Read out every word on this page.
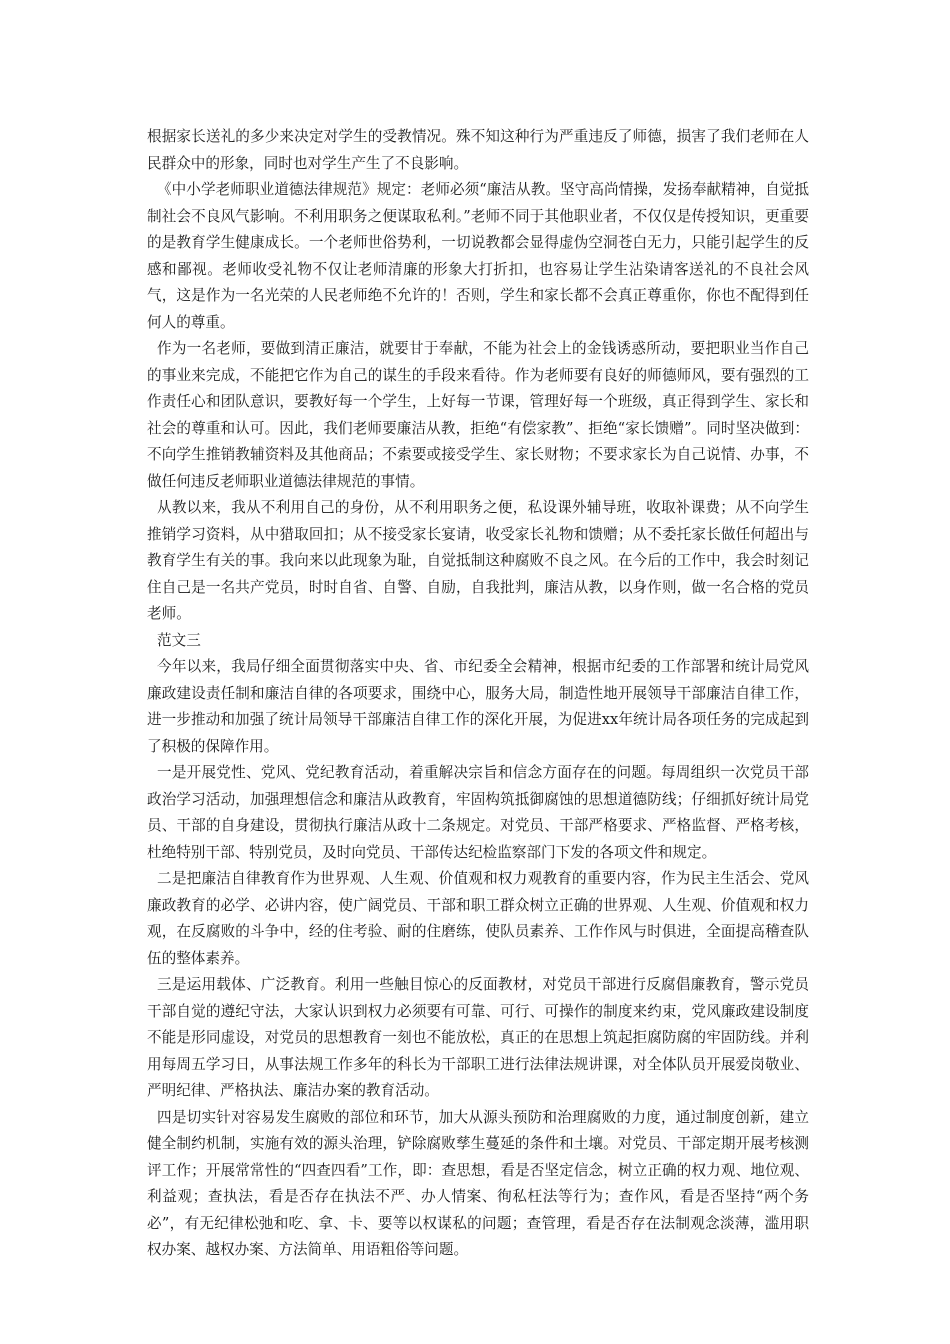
根据家长送礼的多少来决定对学生的受教情况。殊不知这种行为严重违反了师德，损害了我们老师在人民群众中的形象，同时也对学生产生了不良影响。

《中小学老师职业道德法律规范》规定：老师必须“廉洁从教。坚守高尚情操，发扬奉献精神，自觉抵制社会不良风气影响。不利用职务之便谋取私利。”老师不同于其他职业者，不仅仅是传授知识，更重要的是教育学生健康成长。一个老师世俗势利，一切说教都会显得虚伪空洞苍白无力，只能引起学生的反感和鄙视。老师收受礼物不仅让老师清廉的形象大打折扣，也容易让学生沾染请客送礼的不良社会风气，这是作为一名光荣的人民老师绝不允许的！否则，学生和家长都不会真正尊重你，你也不配得到任何人的尊重。

作为一名老师，要做到清正廉洁，就要甘于奉献，不能为社会上的金钱诱惑所动，要把职业当作自己的事业来完成，不能把它作为自己的谋生的手段来看待。作为老师要有良好的师德师风，要有强烈的工作责任心和团队意识，要教好每一个学生，上好每一节课，管理好每一个班级，真正得到学生、家长和社会的尊重和认可。因此，我们老师要廉洁从教，拒绝“有偿家教”、拒绝“家长馈赠”。同时坚决做到：不向学生推销教辅资料及其他商品；不索要或接受学生、家长财物；不要求家长为自己说情、办事，不做任何违反老师职业道德法律规范的事情。

从教以来，我从不利用自己的身份，从不利用职务之便，私设课外辅导班，收取补课费；从不向学生推销学习资料，从中猎取回扣；从不接受家长宴请，收受家长礼物和馈赠；从不委托家长做任何超出与教育学生有关的事。我向来以此现象为耻，自觉抵制这种腐败不良之风。在今后的工作中，我会时刻记住自己是一名共产党员，时时自省、自警、自励，自我批判，廉洁从教，以身作则，做一名合格的党员老师。

范文三

今年以来，我局仔细全面贯彻落实中央、省、市纪委全会精神，根据市纪委的工作部署和统计局党风廉政建设责任制和廉洁自律的各项要求，围绕中心，服务大局，制造性地开展领导干部廉洁自律工作，进一步推动和加强了统计局领导干部廉洁自律工作的深化开展，为促进xx年统计局各项任务的完成起到了积极的保障作用。

一是开展党性、党风、党纪教育活动，着重解决宗旨和信念方面存在的问题。每周组织一次党员干部政治学习活动，加强理想信念和廉洁从政教育，牢固构筑抵御腐蚀的思想道德防线；仔细抓好统计局党员、干部的自身建设，贯彻执行廉洁从政十二条规定。对党员、干部严格要求、严格监督、严格考核，杜绝特别干部、特别党员，及时向党员、干部传达纪检监察部门下发的各项文件和规定。

二是把廉洁自律教育作为世界观、人生观、价值观和权力观教育的重要内容，作为民主生活会、党风廉政教育的必学、必讲内容，使广阔党员、干部和职工群众树立正确的世界观、人生观、价值观和权力观，在反腐败的斗争中，经的住考验、耐的住磨练，使队员素养、工作作风与时俱进，全面提高稽查队伍的整体素养。

三是运用载体、广泛教育。利用一些触目惊心的反面教材，对党员干部进行反腐倡廉教育，警示党员干部自觉的遵纪守法，大家认识到权力必须要有可靠、可行、可操作的制度来约束，党风廉政建设制度不能是形同虚设，对党员的思想教育一刻也不能放松，真正的在思想上筑起拒腐防腐的牢固防线。并利用每周五学习日，从事法规工作多年的科长为干部职工进行法律法规讲课，对全体队员开展爱岗敬业、严明纪律、严格执法、廉洁办案的教育活动。

四是切实针对容易发生腐败的部位和环节，加大从源头预防和治理腐败的力度，通过制度创新，建立健全制约机制，实施有效的源头治理，铲除腐败孳生蔓延的条件和土壤。对党员、干部定期开展考核测评工作；开展常常性的“四查四看”工作，即：查思想，看是否坚定信念，树立正确的权力观、地位观、利益观；查执法，看是否存在执法不严、办人情案、徇私枉法等行为；查作风，看是否坚持“两个务必”，有无纪律松弛和吃、拿、卡、要等以权谋私的问题；查管理，看是否存在法制观念淡薄，滥用职权办案、越权办案、方法简单、用语粗俗等问题。
